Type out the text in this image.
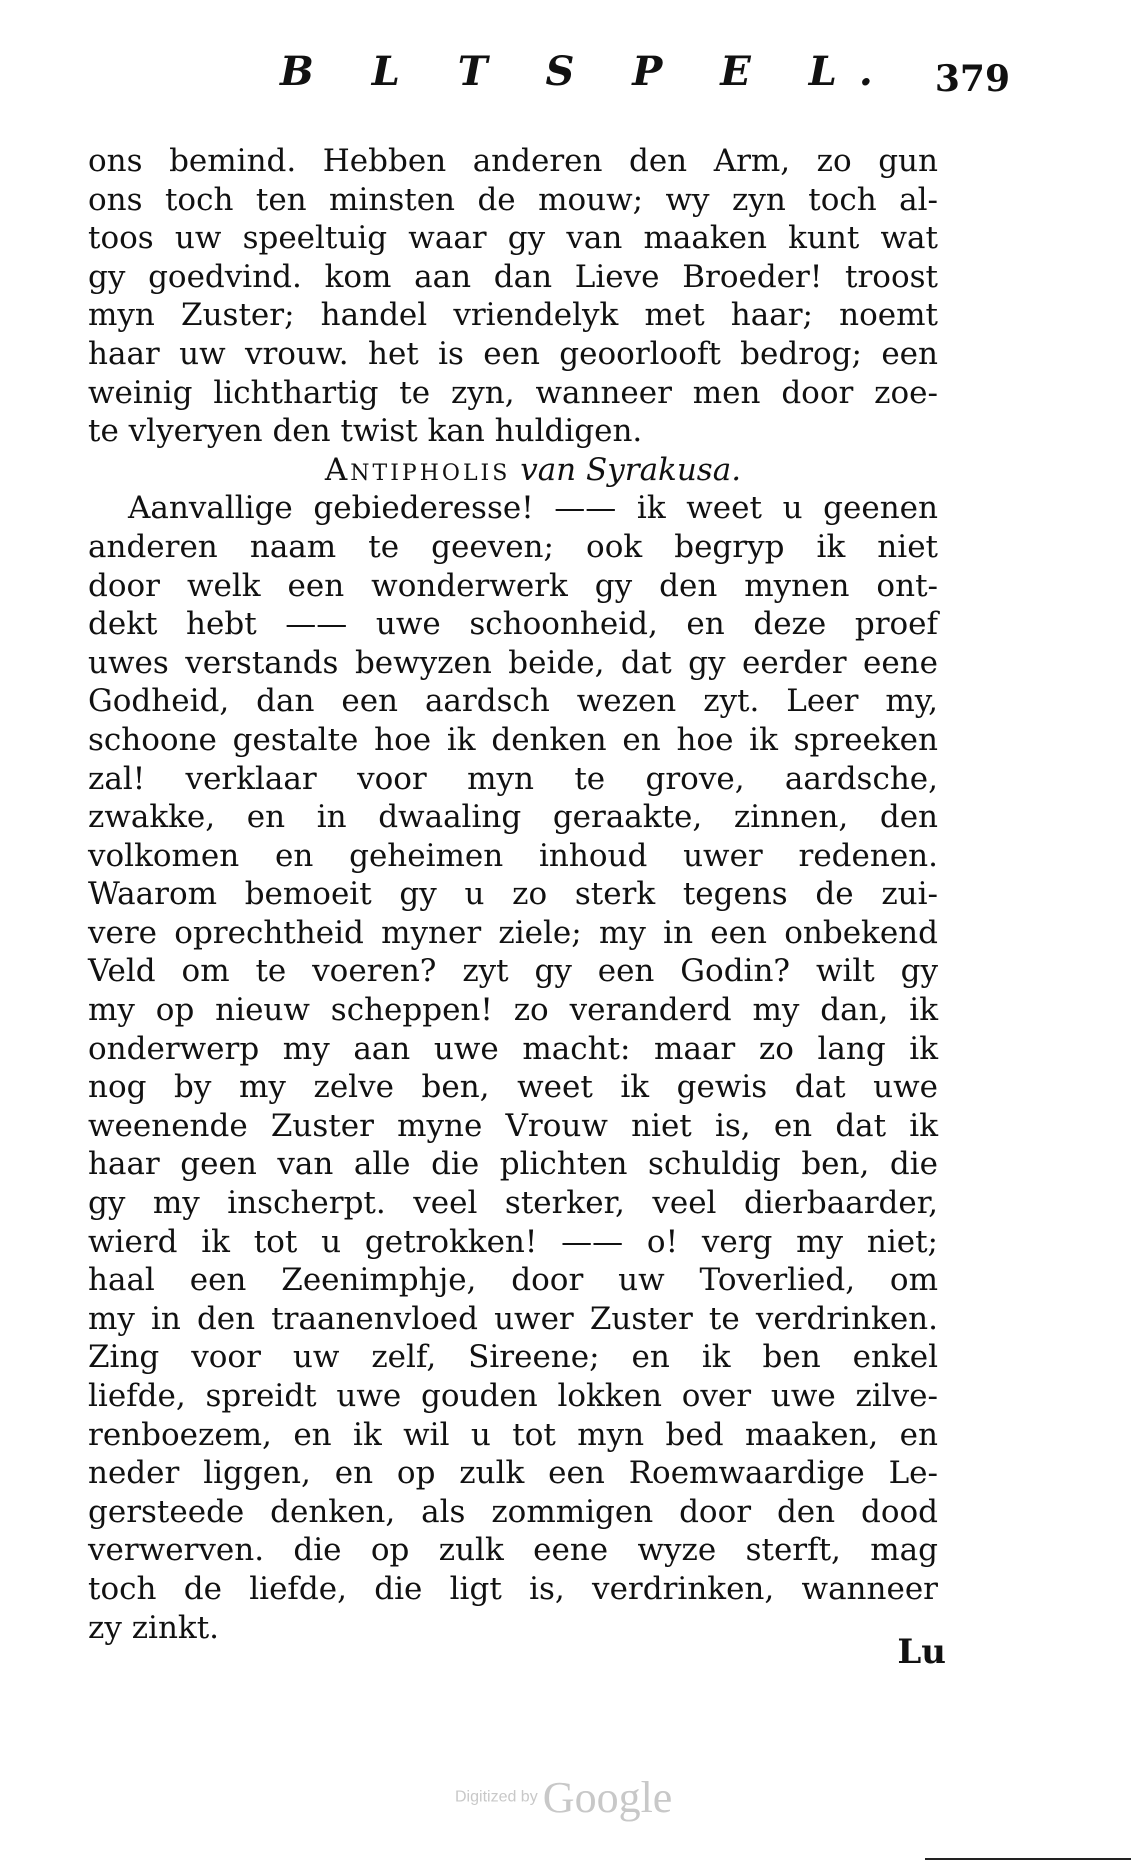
B L T S P E L. 379
ons bemind. Hebben anderen den Arm, zo gun
ons toch ten minsten de mouw; wy zyn toch al-
toos uw speeltuig waar gy van maaken kunt wat
gy goedvind. kom aan dan Lieve Broeder! troost
myn Zuster; handel vriendelyk met haar; noemt
haar uw vrouw. het is een geoorlooft bedrog; een
weinig lichthartig te zyn, wanneer men door zoe-
te vlyeryen den twist kan huldigen.
Antipholis van Syrakusa.
Aanvallige gebiederesse! —— ik weet u geenen
anderen naam te geeven; ook begryp ik niet
door welk een wonderwerk gy den mynen ont-
dekt hebt —— uwe schoonheid, en deze proef
uwes verstands bewyzen beide, dat gy eerder eene
Godheid, dan een aardsch wezen zyt. Leer my,
schoone gestalte hoe ik denken en hoe ik spreeken
zal! verklaar voor myn te grove, aardsche,
zwakke, en in dwaaling geraakte, zinnen, den
volkomen en geheimen inhoud uwer redenen.
Waarom bemoeit gy u zo sterk tegens de zui-
vere oprechtheid myner ziele; my in een onbekend
Veld om te voeren? zyt gy een Godin? wilt gy
my op nieuw scheppen! zo veranderd my dan, ik
onderwerp my aan uwe macht: maar zo lang ik
nog by my zelve ben, weet ik gewis dat uwe
weenende Zuster myne Vrouw niet is, en dat ik
haar geen van alle die plichten schuldig ben, die
gy my inscherpt. veel sterker, veel dierbaarder,
wierd ik tot u getrokken! —— o! verg my niet;
haal een Zeenimphje, door uw Toverlied, om
my in den traanenvloed uwer Zuster te verdrinken.
Zing voor uw zelf, Sireene; en ik ben enkel
liefde, spreidt uwe gouden lokken over uwe zilve-
renboezem, en ik wil u tot myn bed maaken, en
neder liggen, en op zulk een Roemwaardige Le-
gersteede denken, als zommigen door den dood
verwerven. die op zulk eene wyze sterft, mag
toch de liefde, die ligt is, verdrinken, wanneer
zy zinkt.
Lu
Digitized by Google
